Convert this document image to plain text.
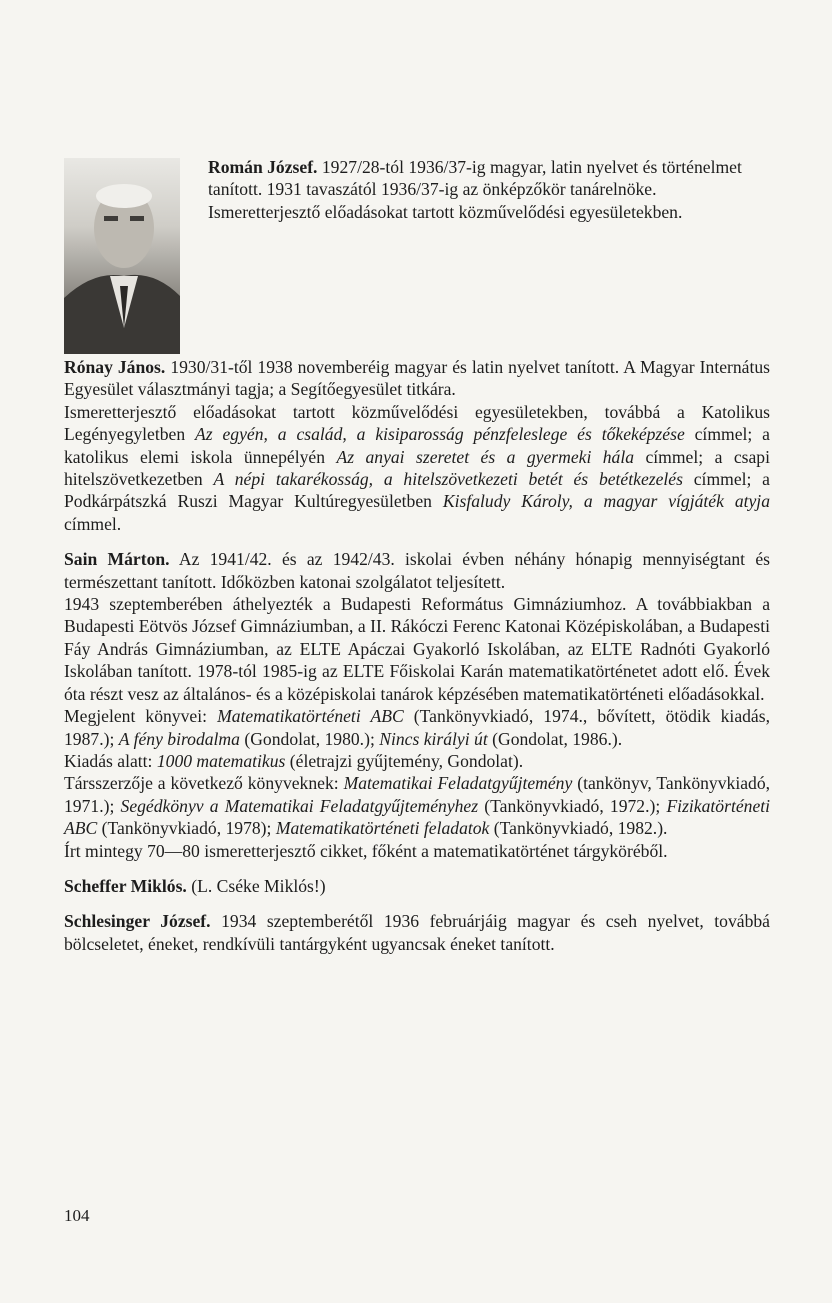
Román József. 1927/28-tól 1936/37-ig magyar, latin nyelvet és történelmet tanított. 1931 tavaszától 1936/37-ig az önképzőkör tanárelnöke.

Ismeretterjesztő előadásokat tartott közművelődési egyesületekben.

Rónay János. 1930/31-től 1938 novemberéig magyar és latin nyelvet tanított. A Magyar Internátus Egyesület választmányi tagja; a Segítőegyesület titkára.

Ismeretterjesztő előadásokat tartott közművelődési egyesületekben, továbbá a Katolikus Legényegyletben Az egyén, a család, a kisiparosság pénzfeleslege és tőkeképzése címmel; a katolikus elemi iskola ünnepélyén Az anyai szeretet és a gyermeki hála címmel; a csapi hitelszövetkezetben A népi takarékosság, a hitelszövetkezeti betét és betétkezelés címmel; a Podkárpátszká Ruszi Magyar Kultúregyesületben Kisfaludy Károly, a magyar vígjáték atyja címmel.

Sain Márton. Az 1941/42. és az 1942/43. iskolai évben néhány hónapig mennyiségtant és természettant tanított. Időközben katonai szolgálatot teljesített.

1943 szeptemberében áthelyezték a Budapesti Református Gimnáziumhoz. A továbbiakban a Budapesti Eötvös József Gimnáziumban, a II. Rákóczi Ferenc Katonai Középiskolában, a Budapesti Fáy András Gimnáziumban, az ELTE Apáczai Gyakorló Iskolában, az ELTE Radnóti Gyakorló Iskolában tanított. 1978-tól 1985-ig az ELTE Főiskolai Karán matematikatörténetet adott elő. Évek óta részt vesz az általános- és a középiskolai tanárok képzésében matematikatörténeti előadásokkal.

Megjelent könyvei: Matematikatörténeti ABC (Tankönyvkiadó, 1974., bővített, ötödik kiadás, 1987.); A fény birodalma (Gondolat, 1980.); Nincs királyi út (Gondolat, 1986.).

Kiadás alatt: 1000 matematikus (életrajzi gyűjtemény, Gondolat).

Társszerzője a következő könyveknek: Matematikai Feladatgyűjtemény (tankönyv, Tankönyvkiadó, 1971.); Segédkönyv a Matematikai Feladatgyűjteményhez (Tankönyvkiadó, 1972.); Fizikatörténeti ABC (Tankönyvkiadó, 1978); Matematikatörténeti feladatok (Tankönyvkiadó, 1982.).

Írt mintegy 70—80 ismeretterjesztő cikket, főként a matematikatörténet tárgyköréből.

Scheffer Miklós. (L. Cséke Miklós!)

Schlesinger József. 1934 szeptemberétől 1936 februárjáig magyar és cseh nyelvet, továbbá bölcseletet, éneket, rendkívüli tantárgyként ugyancsak éneket tanított.

104
